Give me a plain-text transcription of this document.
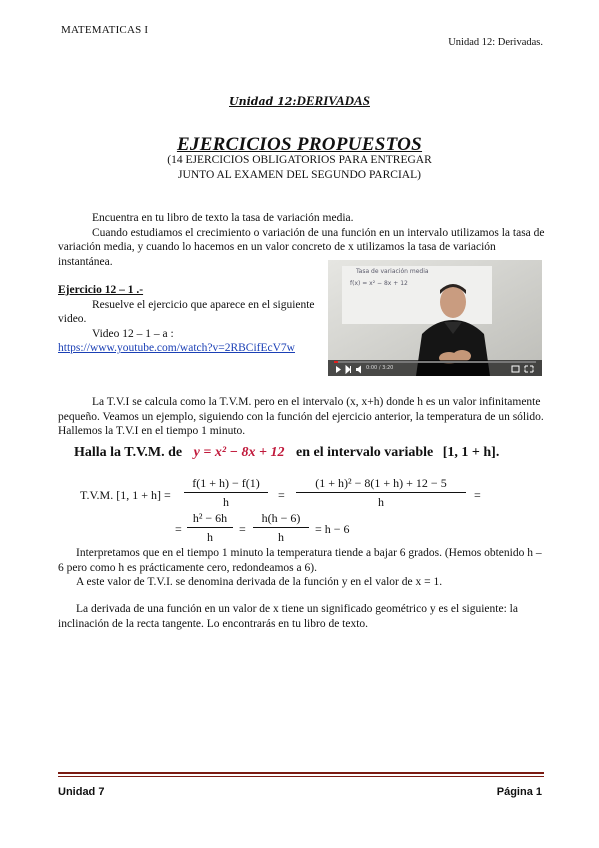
MATEMATICAS I
Unidad 12: Derivadas.
Unidad 12:DERIVADAS
EJERCICIOS PROPUESTOS
(14 EJERCICIOS OBLIGATORIOS PARA ENTREGAR
JUNTO AL EXAMEN DEL SEGUNDO PARCIAL)

Encuentra en tu libro de texto la tasa de variación media.

Cuando estudiamos el crecimiento o variación de una función en un intervalo utilizamos la tasa de variación media, y cuando lo hacemos en un valor concreto de x utilizamos la tasa de variación instantánea.

Ejercicio 12 – 1 .-
Resuelve el ejercicio que aparece en el siguiente video.
Video 12 – 1 – a :
https://www.youtube.com/watch?v=2RBCifEcV7w
Tasa de variación media
f(x) = x² − 8x + 12
0:00 / 3:20

La T.V.I se calcula como la T.V.M. pero en el intervalo (x, x+h) donde h es un valor infinitamente pequeño. Veamos un ejemplo, siguiendo con la función del ejercicio anterior, la temperatura de un sólido. Hallemos la T.V.I en el tiempo 1 minuto.

Halla la T.V.M. de y = x² − 8x + 12 en el intervalo variable [1, 1 + h].
T.V.M. [1, $1 + h] = \frac{f(1 + h) - f(1)}{h} = \frac{\text{(1 + h)² − 8(1 + h) + 12 − 5}}{h}$ =
= $\frac{\text{h² − 6h}}{h} = \frac{h(h - 6)}{h} = h - 6$

Interpretamos que en el tiempo 1 minuto la temperatura tiende a bajar 6 grados. (Hemos obtenido h – 6 pero como h es prácticamente cero, redondeamos a 6).

A este valor de T.V.I. se denomina derivada de la función y en el valor de x = 1.

La derivada de una función en un valor de x tiene un significado geométrico y es el siguiente: la inclinación de la recta tangente. Lo encontrarás en tu libro de texto.

Unidad 7	Página 1
